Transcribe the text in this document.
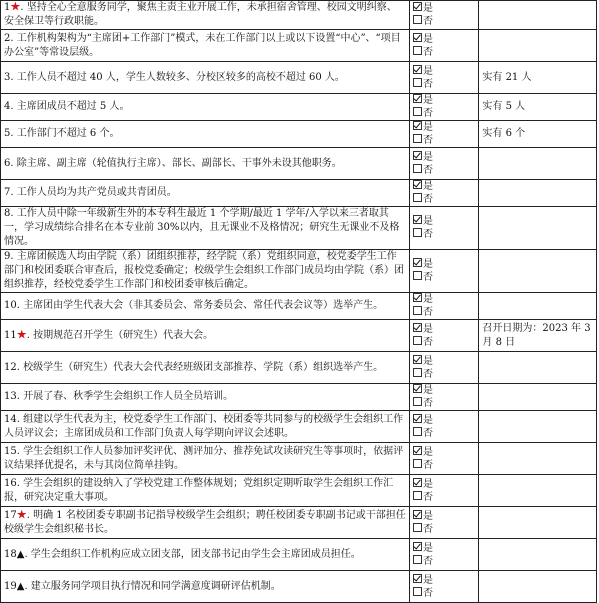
1★. 坚持全心全意服务同学，聚焦主责主业开展工作，未承担宿舍管理、校园文明纠察、安全保卫等行政职能。	是
否	

2. 工作机构架构为“主席团+工作部门”模式，未在工作部门以上或以下设置“中心”、“项目办公室”等常设层级。	是
否	

3. 工作人员不超过 40 人，学生人数较多、分校区较多的高校不超过 60 人。	是
否	实有 21 人
4. 主席团成员不超过 5 人。	是
否	实有 5 人
5. 工作部门不超过 6 个。	是
否	实有 6 个
6. 除主席、副主席（轮值执行主席）、部长、副部长、干事外未设其他职务。	是
否	

7. 工作人员均为共产党员或共青团员。	是
否	

8. 工作人员中除一年级新生外的本专科生最近 1 个学期/最近 1 学年/入学以来三者取其一，学习成绩综合排名在本专业前 30%以内，且无课业不及格情况；研究生无课业不及格情况。	是
否	

9. 主席团候选人均由学院（系）团组织推荐，经学院（系）党组织同意，校党委学生工作部门和校团委联合审查后，报校党委确定；校级学生会组织工作部门成员均由学院（系）团组织推荐，经校党委学生工作部门和校团委审核后确定。	是
否	

10. 主席团由学生代表大会（非其委员会、常务委员会、常任代表会议等）选举产生。	是
否	

11★. 按期规范召开学生（研究生）代表大会。	是
否	召开日期为：2023 年 3 月 8 日
12. 校级学生（研究生）代表大会代表经班级团支部推荐、学院（系）组织选举产生。	是
否	

13. 开展了春、秋季学生会组织工作人员全员培训。	是
否	

14. 组建以学生代表为主，校党委学生工作部门、校团委等共同参与的校级学生会组织工作人员评议会；主席团成员和工作部门负责人每学期向评议会述职。	是
否	

15. 学生会组织工作人员参加评奖评优、测评加分、推荐免试攻读研究生等事项时，依据评议结果择优提名，未与其岗位简单挂钩。	是
否	

16. 学生会组织的建设纳入了学校党建工作整体规划；党组织定期听取学生会组织工作汇报，研究决定重大事项。	是
否	

17★. 明确 1 名校团委专职副书记指导校级学生会组织；聘任校团委专职副书记或干部担任校级学生会组织秘书长。	是
否	

18▲. 学生会组织工作机构应成立团支部，团支部书记由学生会主席团成员担任。	是
否	

19▲. 建立服务同学项目执行情况和同学满意度调研评估机制。	是
否	
